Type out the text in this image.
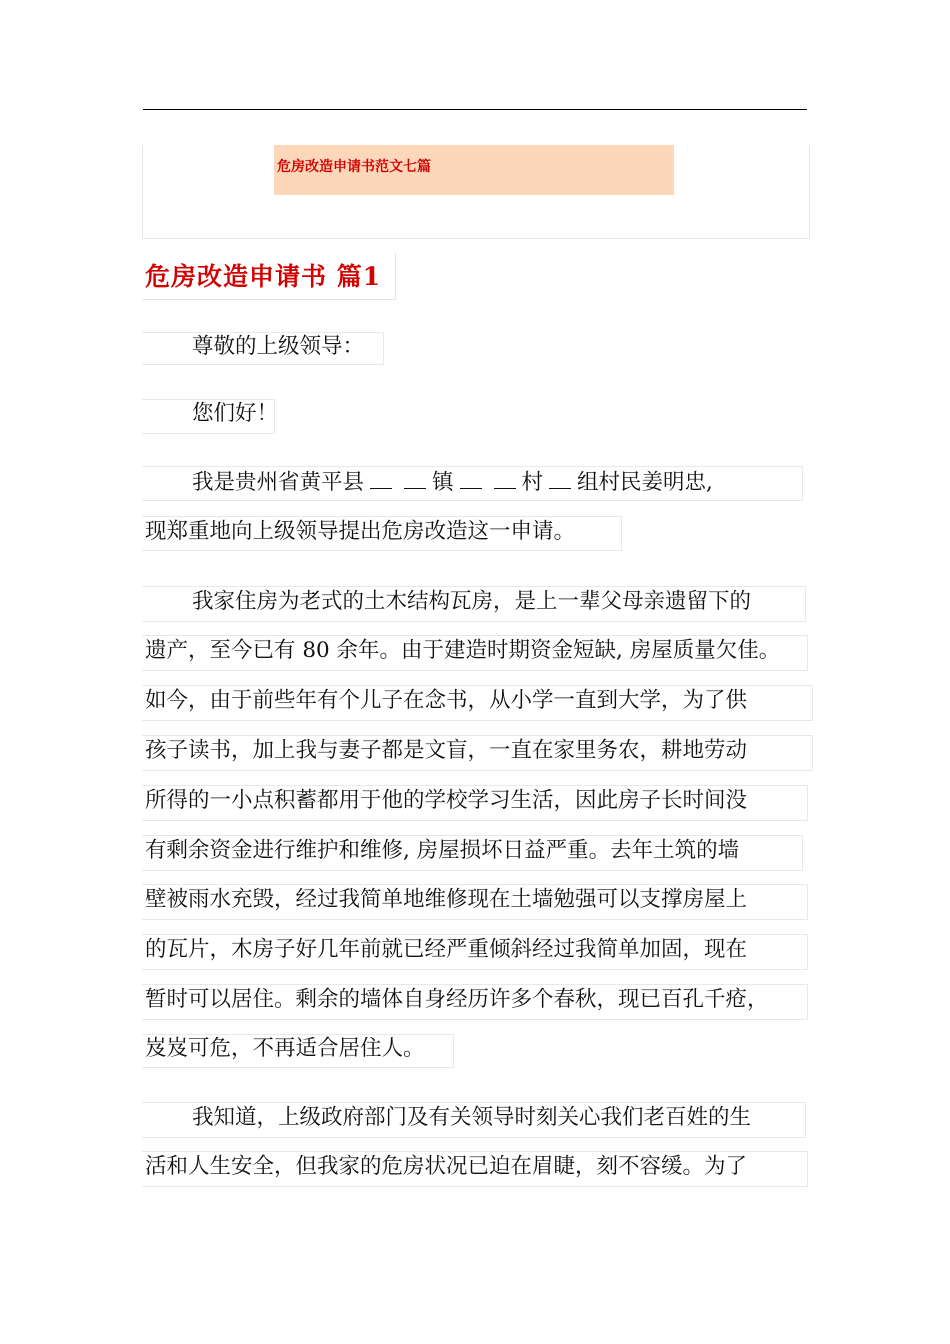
危房改造申请书范文七篇
危房改造申请书 篇1
尊敬的上级领导：
您们好！
我是贵州省黄平县	镇	村 组村民姜明忠,
现郑重地向上级领导提出危房改造这一申请。
我家住房为老式的土木结构瓦房，是上一辈父母亲遗留下的
遗产，至今已有 80 余年。由于建造时期资金短缺, 房屋质量欠佳。
如今，由于前些年有个儿子在念书，从小学一直到大学，为了供
孩子读书，加上我与妻子都是文盲，一直在家里务农，耕地劳动
所得的一小点积蓄都用于他的学校学习生活，因此房子长时间没
有剩余资金进行维护和维修, 房屋损坏日益严重。去年土筑的墙
壁被雨水充毁，经过我简单地维修现在土墙勉强可以支撑房屋上
的瓦片，木房子好几年前就已经严重倾斜经过我简单加固，现在
暂时可以居住。剩余的墙体自身经历许多个春秋，现已百孔千疮，
岌岌可危，不再适合居住人。
我知道，上级政府部门及有关领导时刻关心我们老百姓的生
活和人生安全，但我家的危房状况已迫在眉睫，刻不容缓。为了
